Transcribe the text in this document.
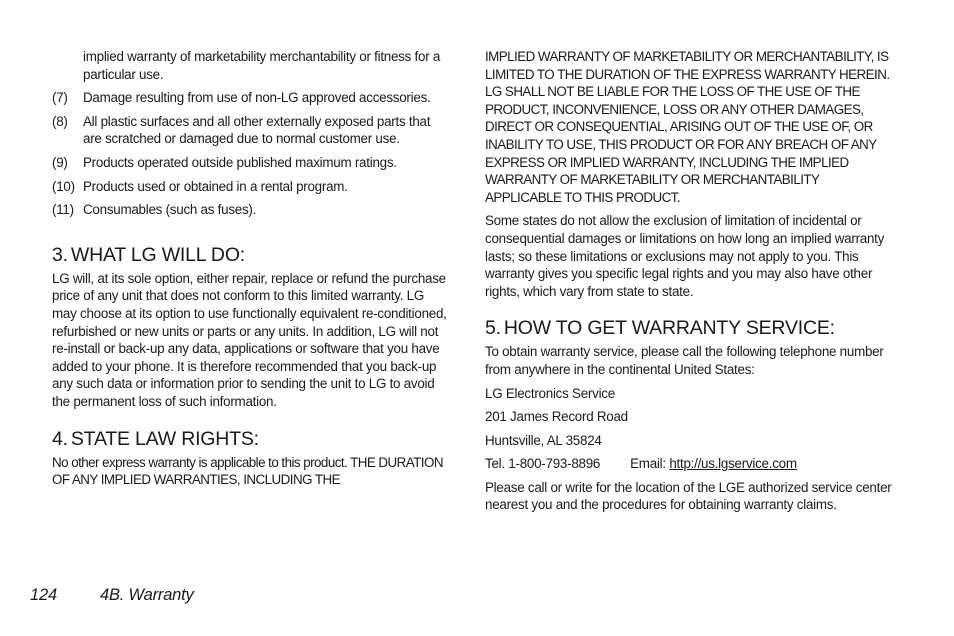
implied warranty of marketability merchantability or fitness for a particular use.

(7)	Damage resulting from use of non-LG approved accessories.

(8)	All plastic surfaces and all other externally exposed parts that are scratched or damaged due to normal customer use.

(9)	Products operated outside published maximum ratings.

(10) Products used or obtained in a rental program.

(11) Consumables (such as fuses).

3. WHAT LG WILL DO:

LG will, at its sole option, either repair, replace or refund the purchase price of any unit that does not conform to this limited warranty. LG may choose at its option to use functionally equivalent re-conditioned, refurbished or new units or parts or any units. In addition, LG will not re-install or back-up any data, applications or software that you have added to your phone. It is therefore recommended that you back-up any such data or information prior to sending the unit to LG to avoid the permanent loss of such information.

4. STATE LAW RIGHTS:

No other express warranty is applicable to this product. THE DURATION OF ANY IMPLIED WARRANTIES, INCLUDING THE

IMPLIED WARRANTY OF MARKETABILITY OR MERCHANTABILITY, IS LIMITED TO THE DURATION OF THE EXPRESS WARRANTY HEREIN. LG SHALL NOT BE LIABLE FOR THE LOSS OF THE USE OF THE PRODUCT, INCONVENIENCE, LOSS OR ANY OTHER DAMAGES, DIRECT OR CONSEQUENTIAL, ARISING OUT OF THE USE OF, OR INABILITY TO USE, THIS PRODUCT OR FOR ANY BREACH OF ANY EXPRESS OR IMPLIED WARRANTY, INCLUDING THE IMPLIED WARRANTY OF MARKETABILITY OR MERCHANTABILITY APPLICABLE TO THIS PRODUCT.

Some states do not allow the exclusion of limitation of incidental or consequential damages or limitations on how long an implied warranty lasts; so these limitations or exclusions may not apply to you. This warranty gives you specific legal rights and you may also have other rights, which vary from state to state.

5. HOW TO GET WARRANTY SERVICE:

To obtain warranty service, please call the following telephone number from anywhere in the continental United States:

LG Electronics Service

201 James Record Road

Huntsville, AL 35824

Tel. 1-800-793-8896 Email: http://us.lgservice.com

Please call or write for the location of the LGE authorized service center nearest you and the procedures for obtaining warranty claims.

124	4B. Warranty
